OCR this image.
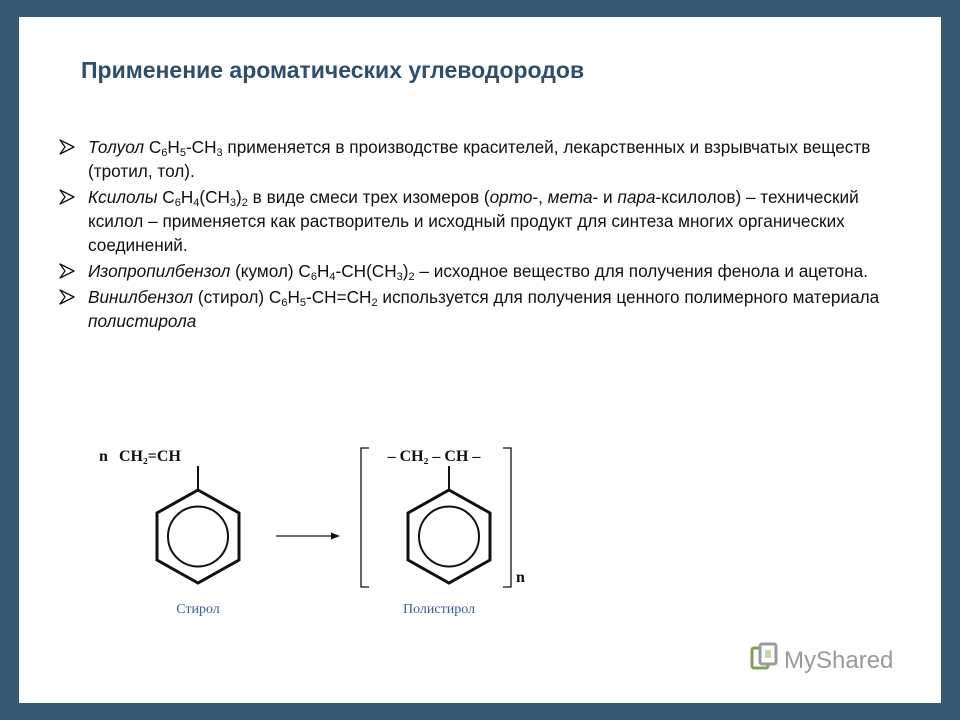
Применение ароматических углеводородов
Толуол $C_6H_5-CH_3$ применяется в производстве красителей, лекарственных и взрывчатых веществ (тротил, тол).
Ксилолы $C_6H_4(CH_3)_2$ в виде смеси трех изомеров (орто-, мета- и пара-ксилолов) – технический ксилол – применяется как растворитель и исходный продукт для синтеза многих органических соединений.
Изопропилбензол (кумол) $C_6H_4-CH(CH_3)_2$ – исходное вещество для получения фенола и ацетона.
Винилбензол (стирол) $C_6H_5-CH=CH_2$ используется для получения ценного полимерного материала полистирола
n CH₂=CH
Стирол
– CH₂ – CH –
n
Полистирол
MyShared
